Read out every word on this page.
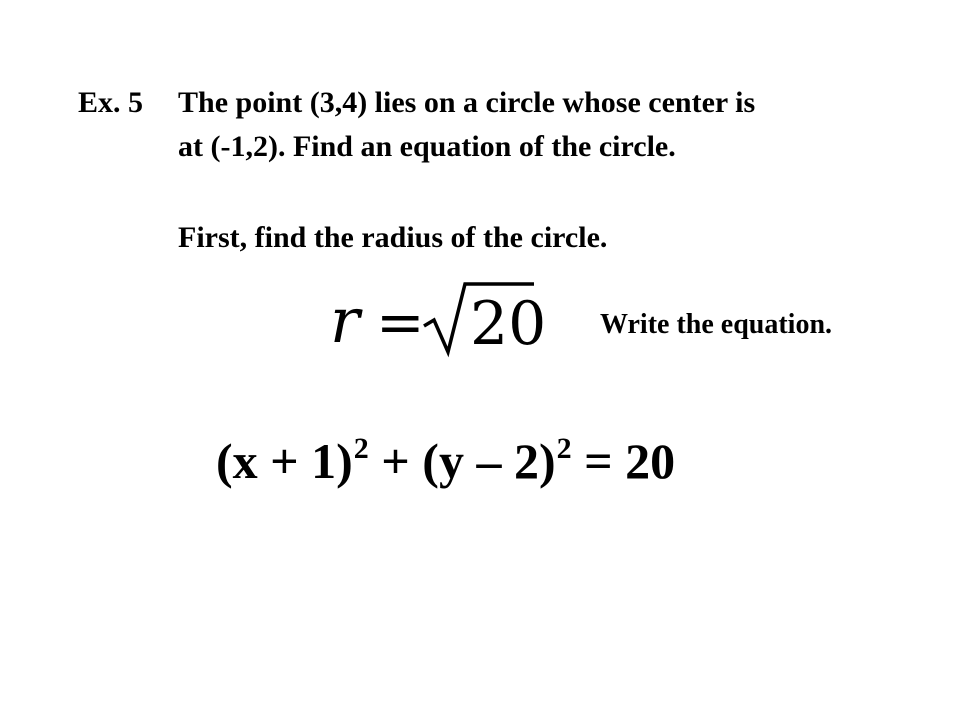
Ex. 5 The point (3,4) lies on a circle whose center is
at (-1,2). Find an equation of the circle.
First, find the radius of the circle.
r = 20 Write the equation.
$(x + 1)^2 + (y - 2)^2 = 20$
